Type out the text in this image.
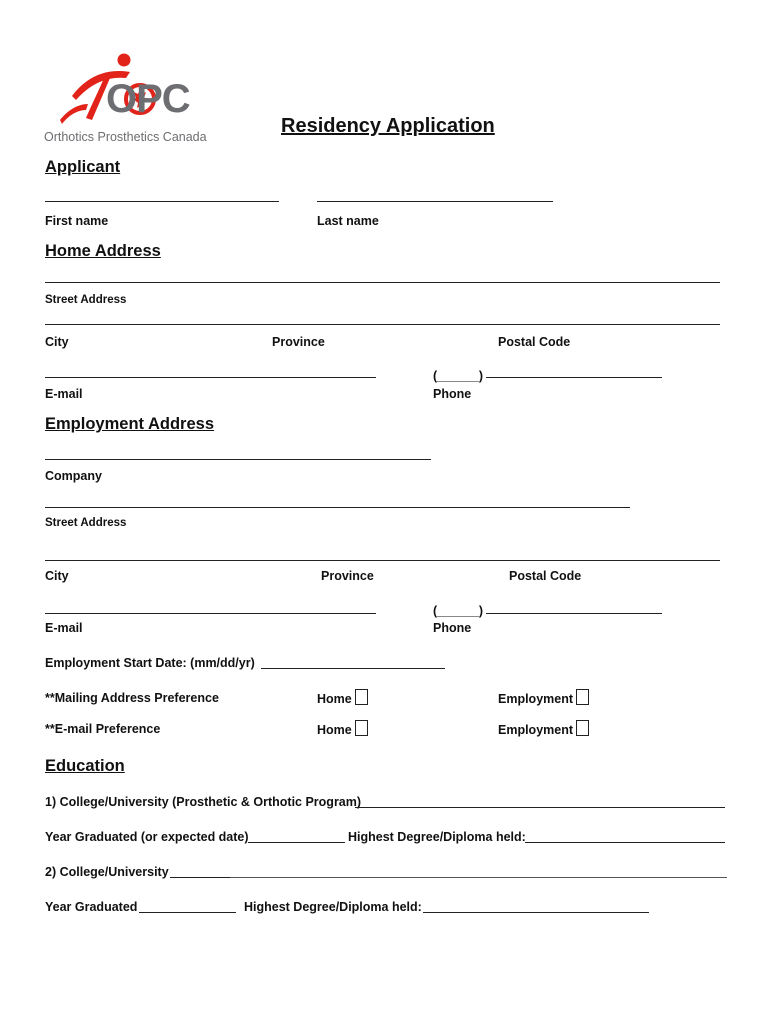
OPC
Orthotics Prosthetics Canada	Residency Application
Applicant
First name	Last name
Home Address
Street Address
City	Province	Postal Code
(______)
E-mail	Phone
Employment Address
Company
Street Address
City	Province	Postal Code
(______)
E-mail	Phone
Employment Start Date: (mm/dd/yr)
**Mailing Address Preference	Home	Employment
**E-mail Preference	Home	Employment
Education
1) College/University (Prosthetic & Orthotic Program)
Year Graduated (or expected date)	Highest Degree/Diploma held:
2) College/University
Year Graduated	Highest Degree/Diploma held:
